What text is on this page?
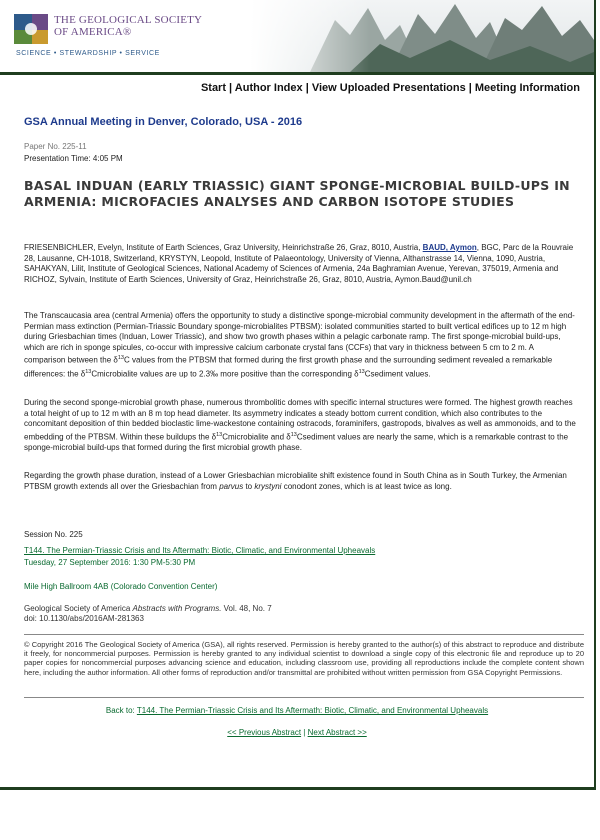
THE GEOLOGICAL SOCIETY
OF AMERICA®
SCIENCE • STEWARDSHIP • SERVICE
Start | Author Index | View Uploaded Presentations | Meeting Information
GSA Annual Meeting in Denver, Colorado, USA - 2016
Paper No. 225-11
Presentation Time: 4:05 PM
BASAL INDUAN (EARLY TRIASSIC) GIANT SPONGE-MICROBIAL BUILD-UPS IN ARMENIA: MICROFACIES ANALYSES AND CARBON ISOTOPE STUDIES
FRIESENBICHLER, Evelyn, Institute of Earth Sciences, Graz University, Heinrichstraße 26, Graz, 8010, Austria, BAUD, Aymon, BGC, Parc de la Rouvraie 28, Lausanne, CH-1018, Switzerland, KRYSTYN, Leopold, Institute of Palaeontology, University of Vienna, Althanstrasse 14, Vienna, 1090, Austria, SAHAKYAN, Lilit, Institute of Geological Sciences, National Academy of Sciences of Armenia, 24a Baghramian Avenue, Yerevan, 375019, Armenia and RICHOZ, Sylvain, Institute of Earth Sciences, University of Graz, Heinrichstraße 26, Graz, 8010, Austria, Aymon.Baud@unil.ch
The Transcaucasia area (central Armenia) offers the opportunity to study a distinctive sponge-microbial community development in the aftermath of the end-Permian mass extinction (Permian-Triassic Boundary sponge-microbialites PTBSM): isolated communities started to built vertical edifices up to 12 m high during Griesbachian times (Induan, Lower Triassic), and show two growth phases within a pelagic carbonate ramp. The first sponge-microbial build-ups, which are rich in sponge spicules, co-occur with impressive calcium carbonate crystal fans (CCFs) that vary in thickness between 5 cm to 2 m. A comparison between the $\delta^{13}C$ values from the PTBSM that formed during the first growth phase and the surrounding sediment revealed a remarkable differences: the $\delta^{13}Cmicrobialite$ values are up to 2.3‰ more positive than the corresponding $\delta^{13}Csediment$ values.
During the second sponge-microbial growth phase, numerous thrombolitic domes with specific internal structures were formed. The highest growth reaches a total height of up to 12 m with an 8 m top head diameter. Its asymmetry indicates a steady bottom current condition, which also contributes to the concomitant deposition of thin bedded bioclastic lime-wackestone containing ostracods, foraminifers, gastropods, bivalves as well as ammonoids, and to the embedding of the PTBSM. Within these buildups the $\delta^{13}Cmicrobialite$ and $\delta^{13}Csediment$ values are nearly the same, which is a remarkable contrast to the sponge-microbial build-ups that formed during the first microbial growth phase.
Regarding the growth phase duration, instead of a Lower Griesbachian microbialite shift existence found in South China as in South Turkey, the Armenian PTBSM growth extends all over the Griesbachian from parvus to krystyni conodont zones, which is at least twice as long.
Session No. 225
T144. The Permian-Triassic Crisis and Its Aftermath: Biotic, Climatic, and Environmental Upheavals
Tuesday, 27 September 2016: 1:30 PM-5:30 PM
Mile High Ballroom 4AB (Colorado Convention Center)
Geological Society of America Abstracts with Programs. Vol. 48, No. 7
doi: 10.1130/abs/2016AM-281363
© Copyright 2016 The Geological Society of America (GSA), all rights reserved. Permission is hereby granted to the author(s) of this abstract to reproduce and distribute it freely, for noncommercial purposes. Permission is hereby granted to any individual scientist to download a single copy of this electronic file and reproduce up to 20 paper copies for noncommercial purposes advancing science and education, including classroom use, providing all reproductions include the complete content shown here, including the author information. All other forms of reproduction and/or transmittal are prohibited without written permission from GSA Copyright Permissions.
Back to: T144. The Permian-Triassic Crisis and Its Aftermath: Biotic, Climatic, and Environmental Upheavals
<< Previous Abstract | Next Abstract >>
